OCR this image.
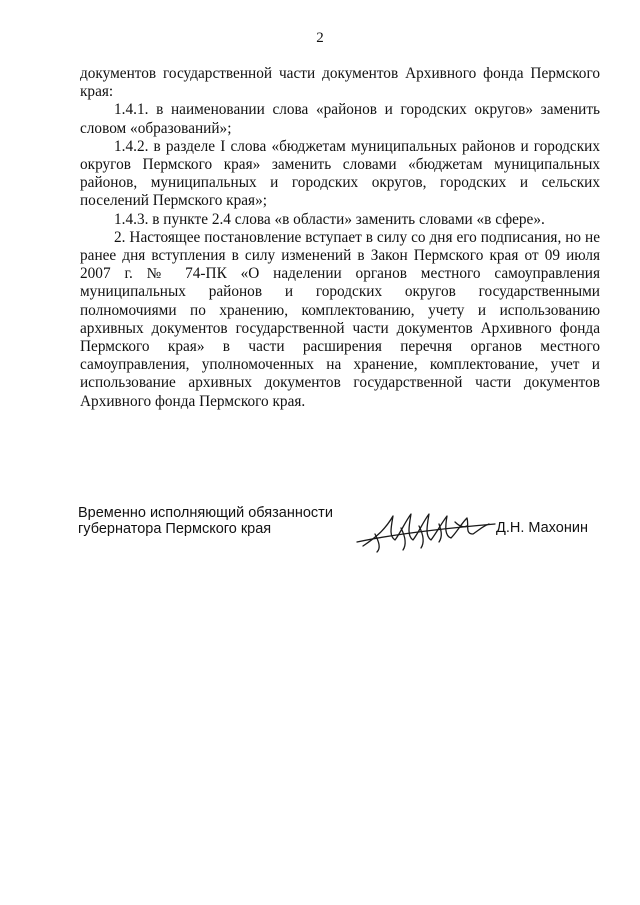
2

документов государственной части документов Архивного фонда Пермского края:

1.4.1. в наименовании слова «районов и городских округов» заменить словом «образований»;

1.4.2. в разделе I слова «бюджетам муниципальных районов и городских округов Пермского края» заменить словами «бюджетам муниципальных районов, муниципальных и городских округов, городских и сельских поселений Пермского края»;

1.4.3. в пункте 2.4 слова «в области» заменить словами «в сфере».

2. Настоящее постановление вступает в силу со дня его подписания, но не ранее дня вступления в силу изменений в Закон Пермского края от 09 июля 2007 г. № 74-ПК «О наделении органов местного самоуправления муниципальных районов и городских округов государственными полномочиями по хранению, комплектованию, учету и использованию архивных документов государственной части документов Архивного фонда Пермского края» в части расширения перечня органов местного самоуправления, уполномоченных на хранение, комплектование, учет и использование архивных документов государственной части документов Архивного фонда Пермского края.

Временно исполняющий обязанности
губернатора Пермского края	Д.Н. Махонин
